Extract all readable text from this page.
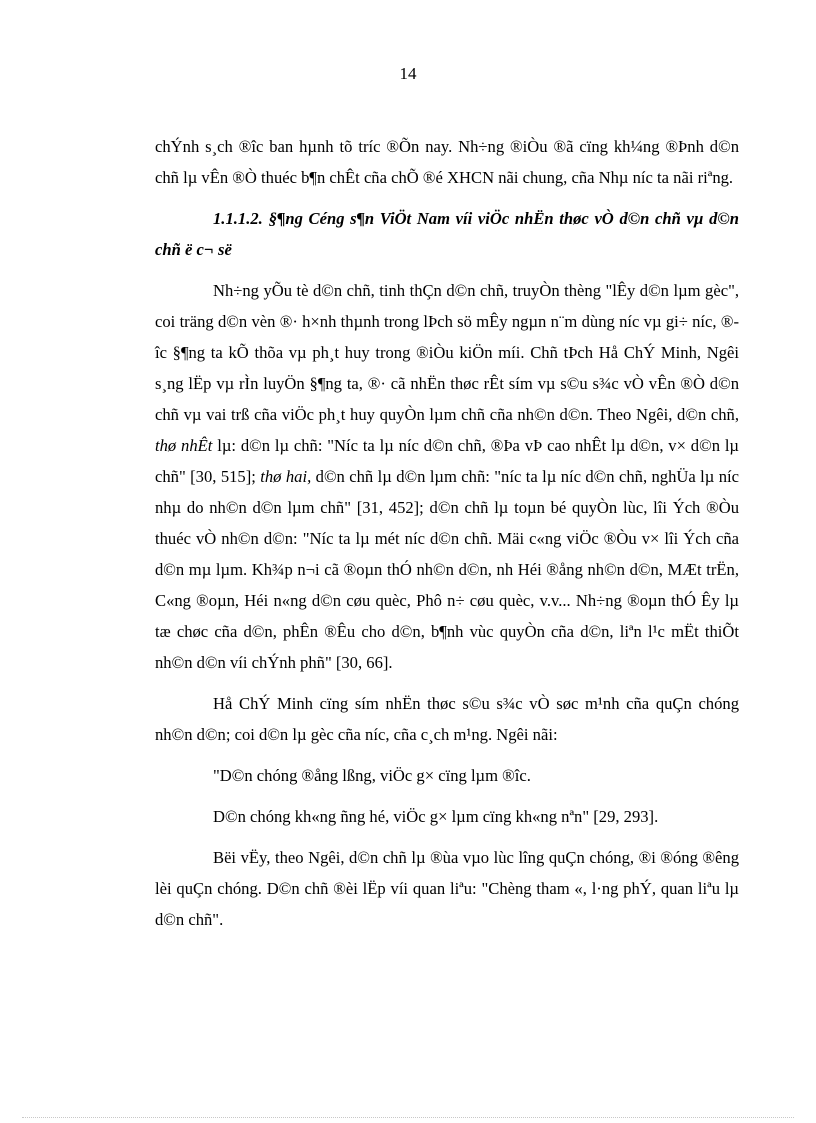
14

chÝnh s¸ch ®îc ban hµnh tõ tríc ®Õn nay. Nh÷ng ®iÒu ®ã cïng kh¼ng ®Þnh d©n chñ lµ vÊn ®Ò thuéc b¶n chÊt cña chÕ ®é XHCN nãi chung, cña Nhµ níc ta nãi riªng.

1.1.1.2. §¶ng Céng s¶n ViÖt Nam víi viÖc nhËn thøc vÒ d©n chñ vµ d©n chñ ë c¬ së

Nh÷ng yÕu tè d©n chñ, tinh thÇn d©n chñ, truyÒn thèng "lÊy d©n lµm gèc", coi träng d©n vèn ®· h×nh thµnh trong lÞch sö mÊy ngµn n¨m dùng níc vµ gi÷ níc, ®îc §¶ng ta kÕ thõa vµ ph¸t huy trong ®iÒu kiÖn míi. Chñ tÞch Hå ChÝ Minh, Ngêi s¸ng lËp vµ rÌn luyÖn §¶ng ta, ®· cã nhËn thøc rÊt sím vµ s©u s¾c vÒ vÊn ®Ò d©n chñ vµ vai trß cña viÖc ph¸t huy quyÒn lµm chñ cña nh©n d©n. Theo Ngêi, d©n chñ, thø nhÊt lµ: d©n lµ chñ: "Níc ta lµ níc d©n chñ, ®Þa vÞ cao nhÊt lµ d©n, v× d©n lµ chñ" [30, 515]; thø hai, d©n chñ lµ d©n lµm chñ: "níc ta lµ níc d©n chñ, nghÜa lµ níc nhµ do nh©n d©n lµm chñ" [31, 452]; d©n chñ lµ toµn bé quyÒn lùc, lîi Ých ®Òu thuéc vÒ nh©n d©n: "Níc ta lµ mét níc d©n chñ. Mäi c«ng viÖc ®Òu v× lîi Ých cña d©n mµ lµm. Kh¾p n¬i cã ®oµn thÓ nh©n d©n, nh Héi ®ång nh©n d©n, MÆt trËn, C«ng ®oµn, Héi n«ng d©n cøu quèc, Phô n÷ cøu quèc, v.v... Nh÷ng ®oµn thÓ Êy lµ tæ chøc cña d©n, phÊn ®Êu cho d©n, b¶nh vùc quyÒn cña d©n, liªn l¹c mËt thiÕt nh©n d©n víi chÝnh phñ" [30, 66].

Hå ChÝ Minh cïng sím nhËn thøc s©u s¾c vÒ søc m¹nh cña quÇn chóng nh©n d©n; coi d©n lµ gèc cña níc, cña c¸ch m¹ng. Ngêi nãi:

"D©n chóng ®ång lßng, viÖc g× cïng lµm ®îc.

D©n chóng kh«ng ñng hé, viÖc g× lµm cïng kh«ng nªn" [29, 293].

Bëi vËy, theo Ngêi, d©n chñ lµ ®ùa vµo lùc lîng quÇn chóng, ®i ®óng ®êng lèi quÇn chóng. D©n chñ ®èi lËp víi quan liªu: "Chèng tham «, l·ng phÝ, quan liªu lµ d©n chñ".
